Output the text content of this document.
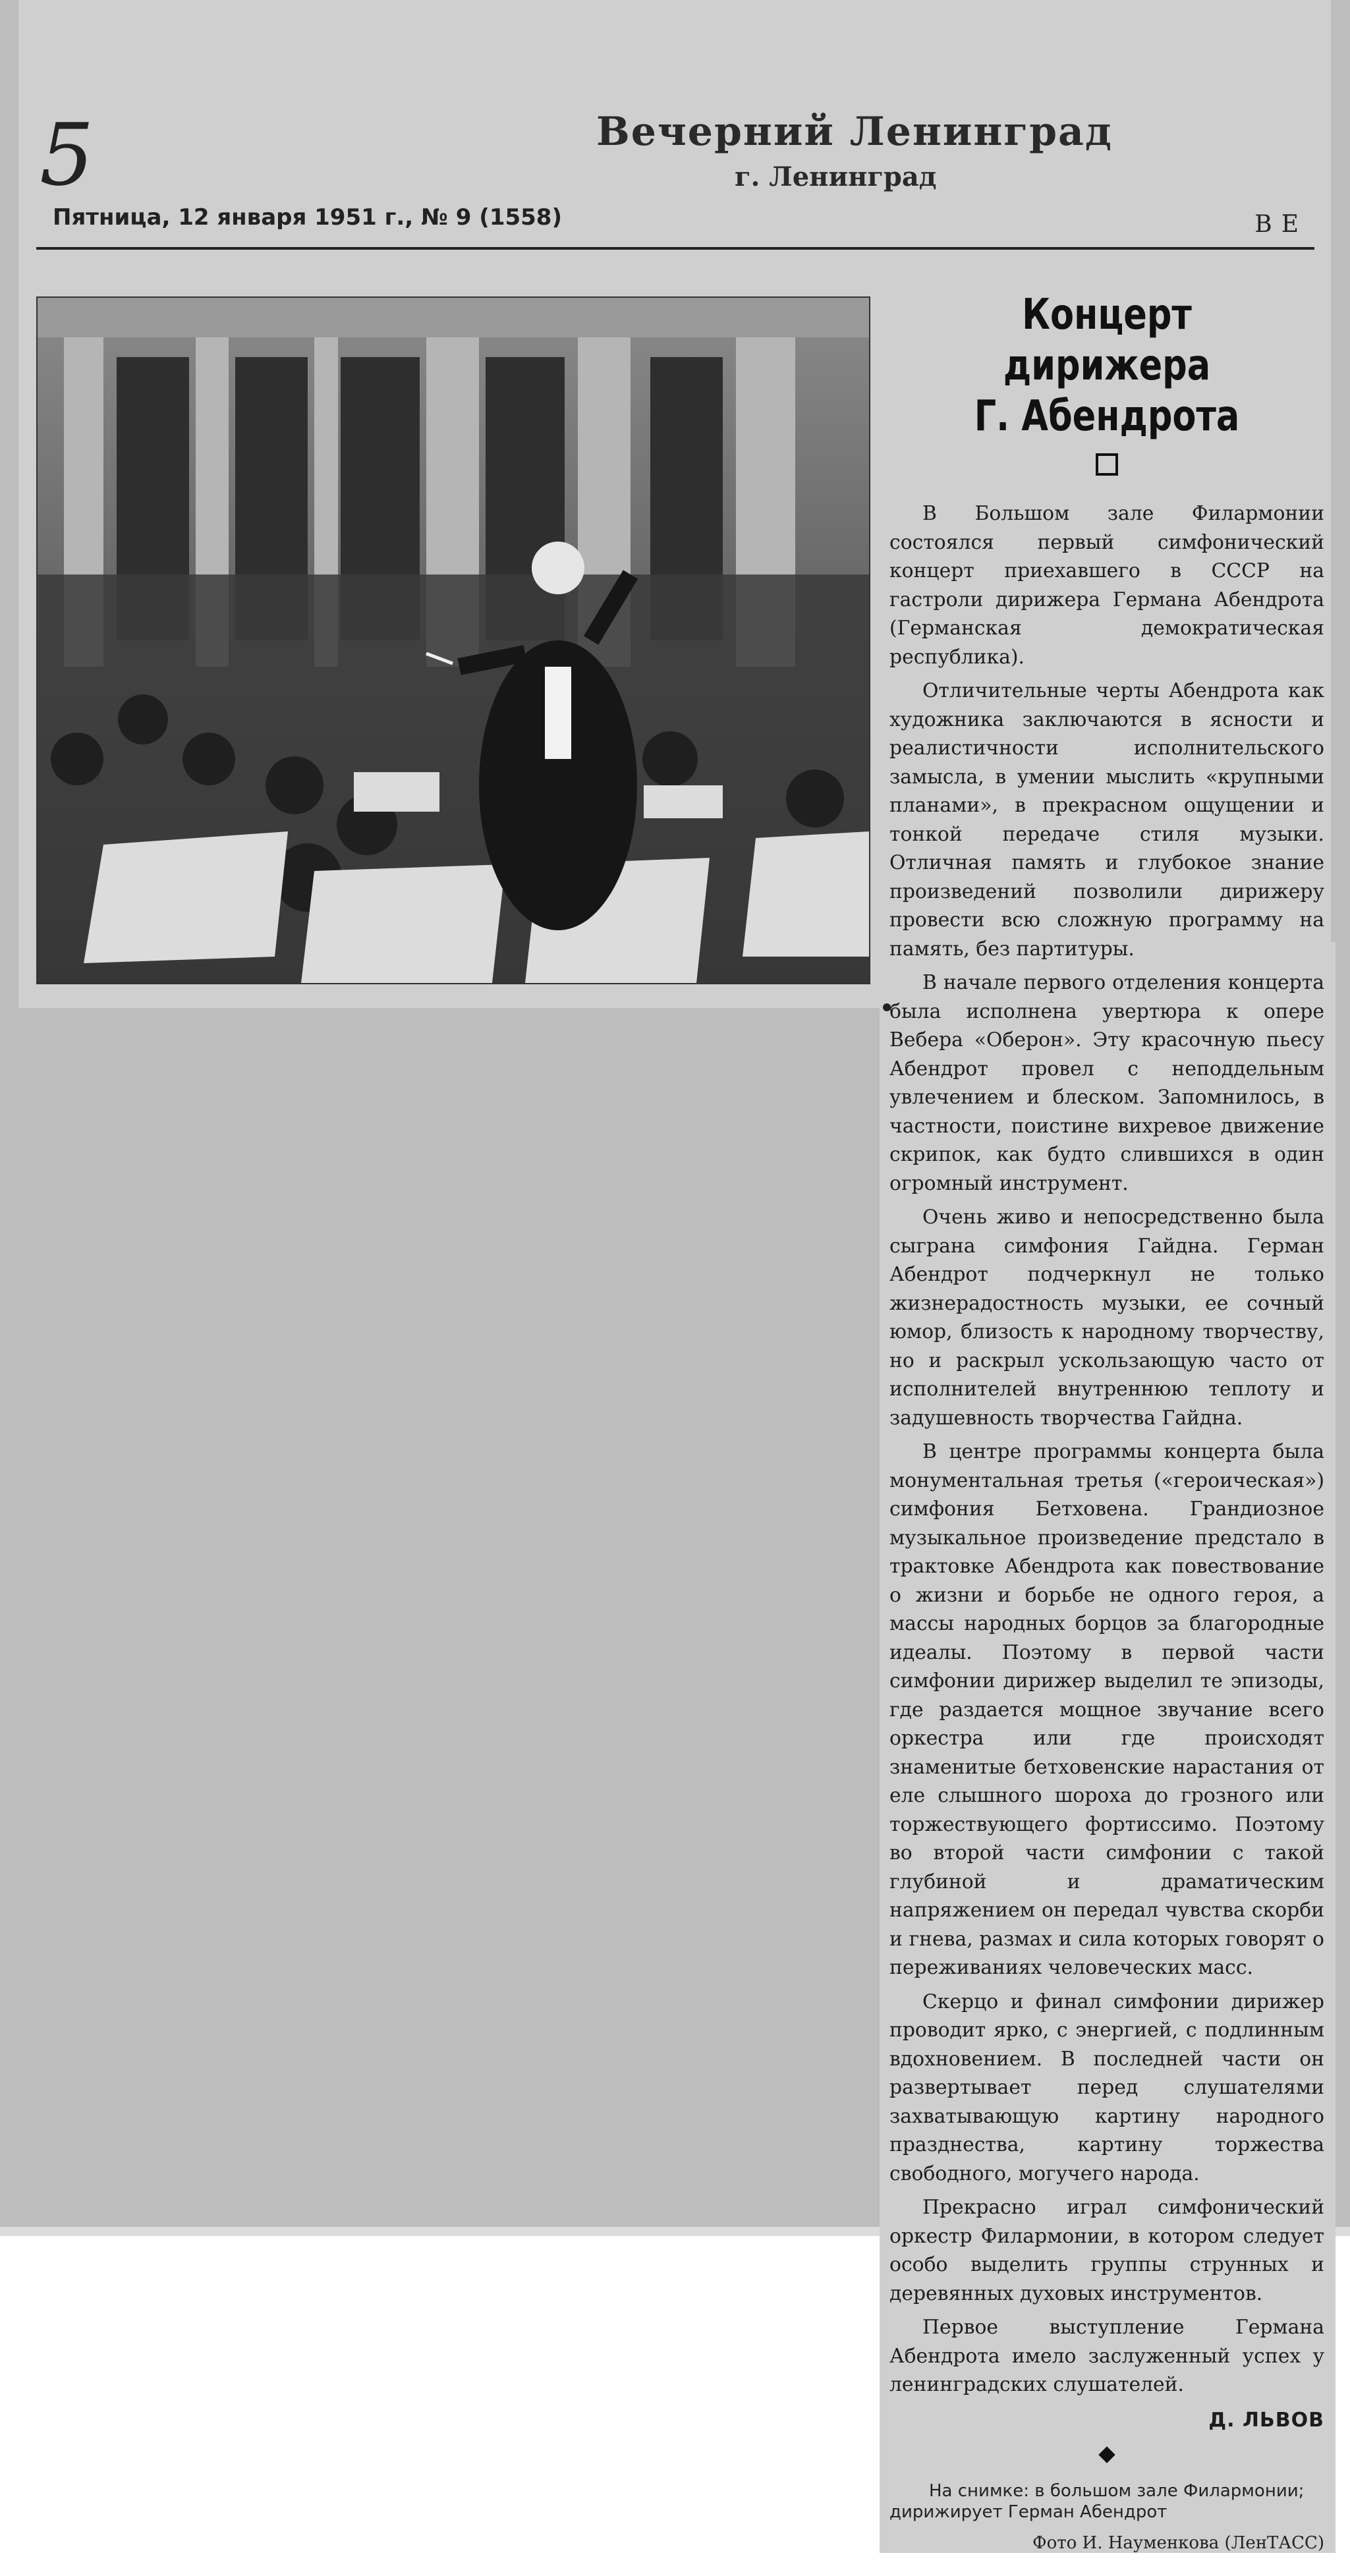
5	Вечерний Ленинград
г. Ленинград
Пятница, 12 января 1951 г., № 9 (1558)	ВЕ

Концерт дирижера

Г. Абендрота

В Большом зале Филармонии состоялся первый симфонический концерт приехавшего в СССР на гастроли дирижера Германа Абендрота (Германская демократическая республика).

Отличительные черты Абендрота как художника заключаются в ясности и реалистичности исполнительского замысла, в умении мыслить «крупными планами», в прекрасном ощущении и тонкой передаче стиля музыки. Отличная память и глубокое знание произведений позволили дирижеру провести всю сложную программу на память, без партитуры.

В начале первого отделения концерта была исполнена увертюра к опере Вебера «Оберон». Эту красочную пьесу Абендрот провел с неподдельным увлечением и блеском. Запомнилось, в частности, поистине вихревое движение скрипок, как будто слившихся в один огромный инструмент.

Очень живо и непосредственно была сыграна симфония Гайдна. Герман Абендрот подчеркнул не только жизнерадостность музыки, ее сочный юмор, близость к народному творчеству, но и раскрыл ускользающую часто от исполнителей внутреннюю теплоту и задушевность творчества Гайдна.

В центре программы концерта была монументальная третья («героическая») симфония Бетховена. Грандиозное музыкальное произведение предстало в трактовке Абендрота как повествование о жизни и борьбе не одного героя, а массы народных борцов за благородные идеалы. Поэтому в первой части симфонии дирижер выделил те эпизоды, где раздается мощное звучание всего оркестра или где происходят знаменитые бетховенские нарастания от еле слышного шороха до грозного или торжествующего фортиссимо. Поэтому во второй части симфонии с такой глубиной и драматическим напряжением он передал чувства скорби и гнева, размах и сила которых говорят о переживаниях человеческих масс.

Скерцо и финал симфонии дирижер проводит ярко, с энергией, с подлинным вдохновением. В последней части он развертывает перед слушателями захватывающую картину народного празднества, картину торжества свободного, могучего народа.

Прекрасно играл симфонический оркестр Филармонии, в котором следует особо выделить группы струнных и деревянных духовых инструментов.

Первое выступление Германа Абендрота имело заслуженный успех у ленинградских слушателей.

Д. ЛЬВОВ

На снимке: в большом зале Филармонии; дирижирует Герман Абендрот

Фото И. Науменкова (ЛенТАСС)
